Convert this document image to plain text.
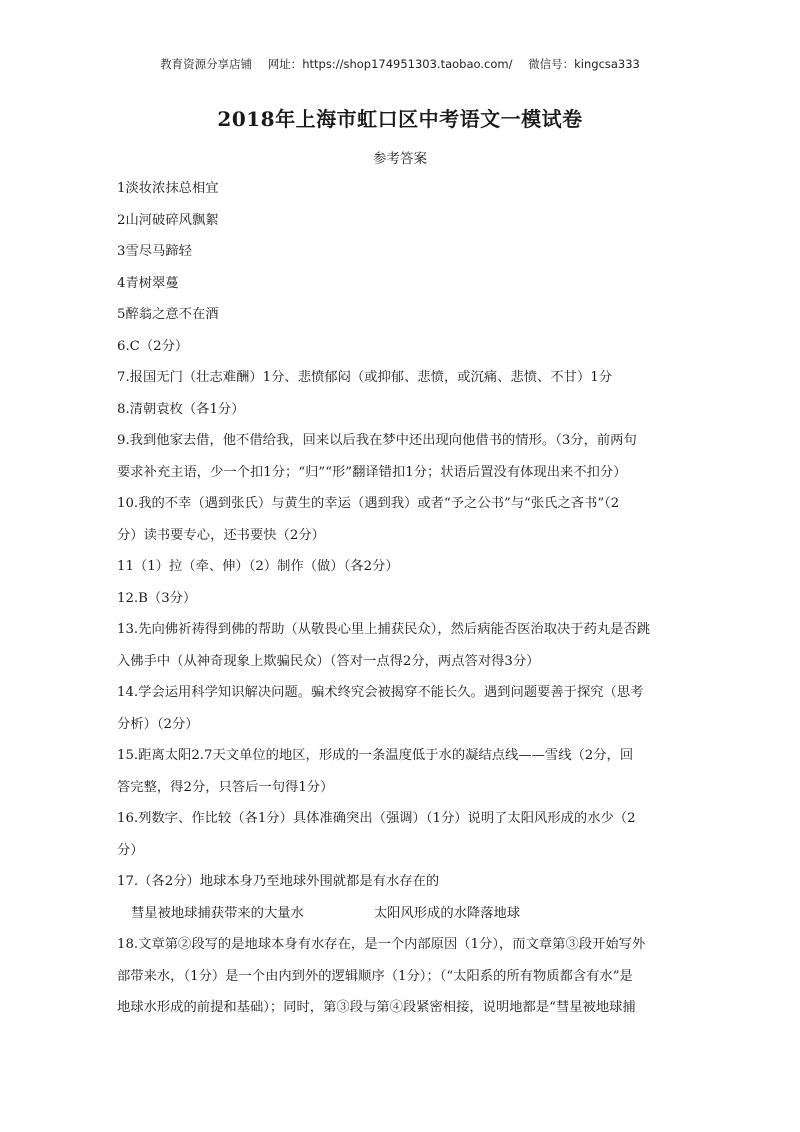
教育资源分享店铺 网址：https://shop174951303.taobao.com/ 微信号：kingcsa333
2018年上海市虹口区中考语文一模试卷
参考答案
1淡妆浓抹总相宜
2山河破碎风飘絮
3雪尽马蹄轻
4青树翠蔓
5醉翁之意不在酒
6.C（2分）
7.报国无门（壮志难酬）1分、悲愤郁闷（或抑郁、悲愤，或沉痛、悲愤、不甘）1分
8.清朝袁枚（各1分）
9.我到他家去借，他不借给我，回来以后我在梦中还出现向他借书的情形。（3分，前两句
要求补充主语，少一个扣1分；“归”“形”翻译错扣1分；状语后置没有体现出来不扣分）
10.我的不幸（遇到张氏）与黄生的幸运（遇到我）或者“予之公书”与“张氏之吝书”（2
分）读书要专心，还书要快（2分）
11（1）拉（牵、伸）（2）制作（做）（各2分）
12.B（3分）
13.先向佛祈祷得到佛的帮助（从敬畏心里上捕获民众），然后病能否医治取决于药丸是否跳
入佛手中（从神奇现象上欺骗民众）（答对一点得2分，两点答对得3分）
14.学会运用科学知识解决问题。骗术终究会被揭穿不能长久。遇到问题要善于探究（思考
分析）（2分）
15.距离太阳2.7天文单位的地区，形成的一条温度低于水的凝结点线——雪线（2分，回
答完整，得2分，只答后一句得1分）
16.列数字、作比较（各1分）具体准确突出（强调）（1分）说明了太阳风形成的水少（2
分）
17.（各2分）地球本身乃至地球外围就都是有水存在的
彗星被地球捕获带来的大量水	太阳风形成的水降落地球
18.文章第②段写的是地球本身有水存在，是一个内部原因（1分），而文章第③段开始写外
部带来水，（1分）是一个由内到外的逻辑顺序（1分）；（“太阳系的所有物质都含有水”是
地球水形成的前提和基础）；同时，第③段与第④段紧密相接，说明地都是“彗星被地球捕
